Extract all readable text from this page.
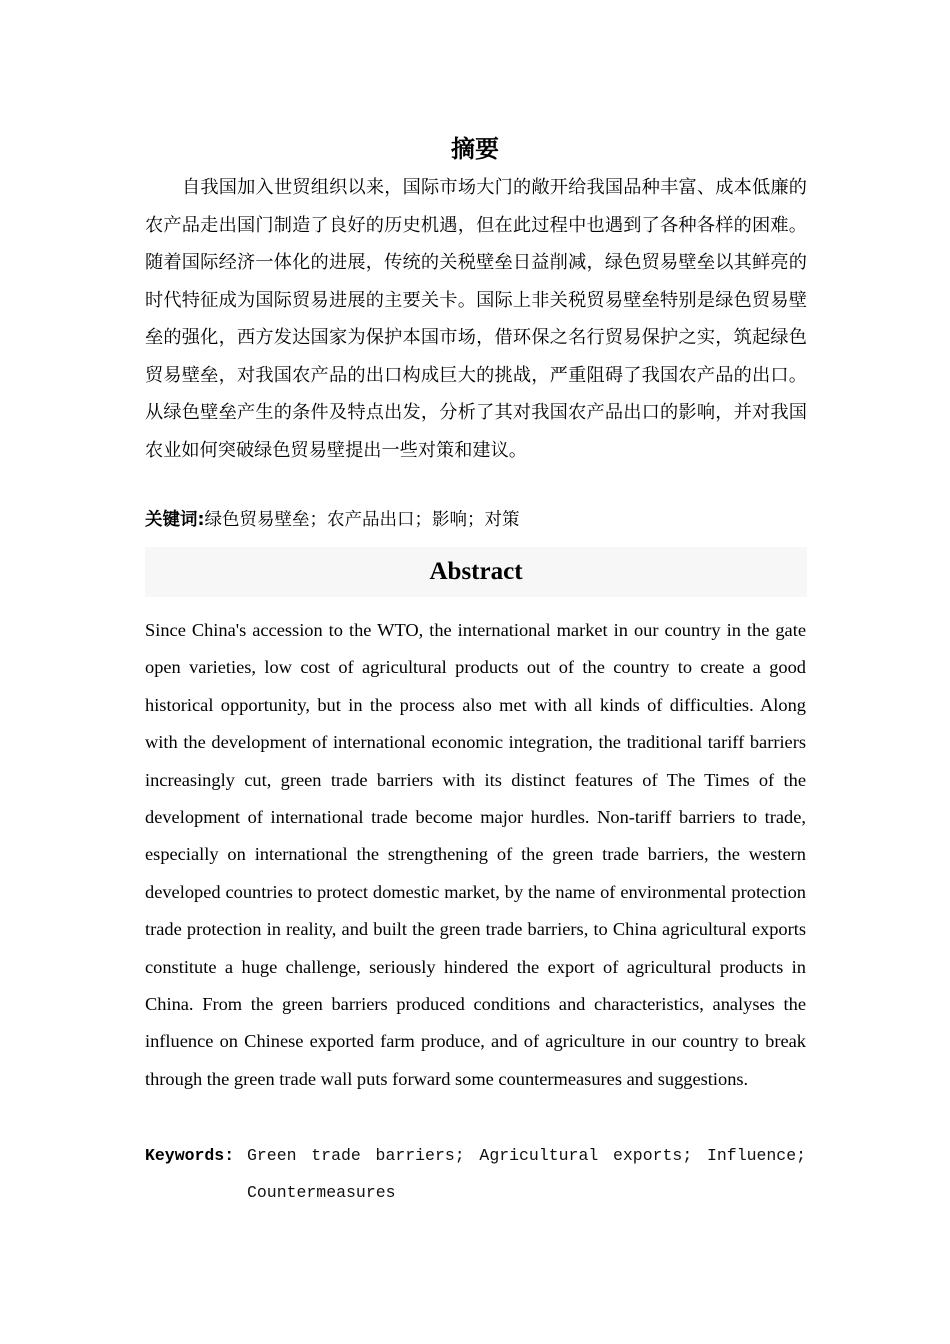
摘要

自我国加入世贸组织以来，国际市场大门的敞开给我国品种丰富、成本低廉的农产品走出国门制造了良好的历史机遇，但在此过程中也遇到了各种各样的困难。随着国际经济一体化的进展，传统的关税壁垒日益削减，绿色贸易壁垒以其鲜亮的时代特征成为国际贸易进展的主要关卡。国际上非关税贸易壁垒特别是绿色贸易壁垒的强化，西方发达国家为保护本国市场，借环保之名行贸易保护之实，筑起绿色贸易壁垒，对我国农产品的出口构成巨大的挑战，严重阻碍了我国农产品的出口。从绿色壁垒产生的条件及特点出发，分析了其对我国农产品出口的影响，并对我国农业如何突破绿色贸易壁提出一些对策和建议。

关键词:绿色贸易壁垒；农产品出口；影响；对策
Abstract

Since China's accession to the WTO, the international market in our country in the gate open varieties, low cost of agricultural products out of the country to create a good historical opportunity, but in the process also met with all kinds of difficulties. Along with the development of international economic integration, the traditional tariff barriers increasingly cut, green trade barriers with its distinct features of The Times of the development of international trade become major hurdles. Non-tariff barriers to trade, especially on international the strengthening of the green trade barriers, the western developed countries to protect domestic market, by the name of environmental protection trade protection in reality, and built the green trade barriers, to China agricultural exports constitute a huge challenge, seriously hindered the export of agricultural products in China. From the green barriers produced conditions and characteristics, analyses the influence on Chinese exported farm produce, and of agriculture in our country to break through the green trade wall puts forward some countermeasures and suggestions.

Keywords: Green trade barriers; Agricultural exports; Influence; Countermeasures
